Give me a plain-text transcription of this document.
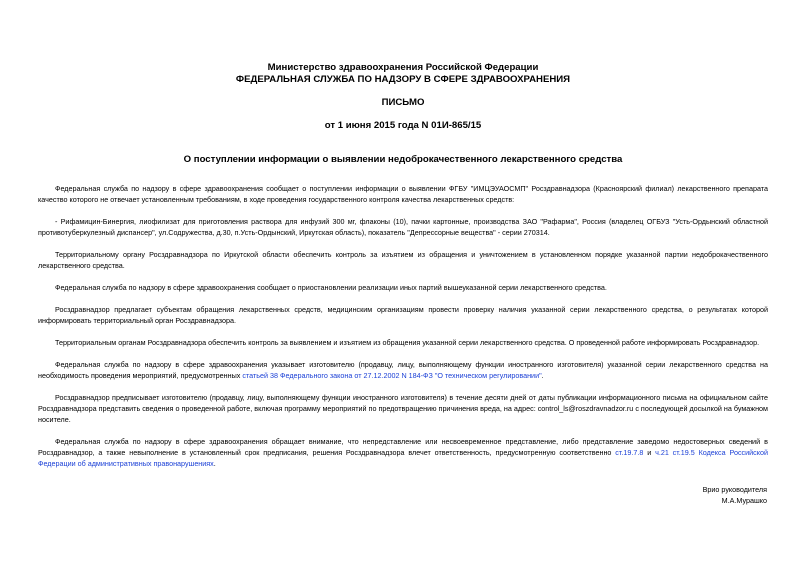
Министерство здравоохранения Российской Федерации
ФЕДЕРАЛЬНАЯ СЛУЖБА ПО НАДЗОРУ В СФЕРЕ ЗДРАВООХРАНЕНИЯ
ПИСЬМО
от 1 июня 2015 года N 01И-865/15
О поступлении информации о выявлении недоброкачественного лекарственного средства

Федеральная служба по надзору в сфере здравоохранения сообщает о поступлении информации о выявлении ФГБУ "ИМЦЭУАОСМП" Росздравнадзора (Красноярский филиал) лекарственного препарата качество которого не отвечает установленным требованиям, в ходе проведения государственного контроля качества лекарственных средств:

- Рифамицин-Бинергия, лиофилизат для приготовления раствора для инфузий 300 мг, флаконы (10), пачки картонные, производства ЗАО "Рафарма", Россия (владелец ОГБУЗ "Усть-Ордынский областной противотуберкулезный диспансер", ул.Содружества, д.30, п.Усть-Ордынский, Иркутская область), показатель "Депрессорные вещества" - серии 270314.

Территориальному органу Росздравнадзора по Иркутской области обеспечить контроль за изъятием из обращения и уничтожением в установленном порядке указанной партии недоброкачественного лекарственного средства.

Федеральная служба по надзору в сфере здравоохранения сообщает о приостановлении реализации иных партий вышеуказанной серии лекарственного средства.

Росздравнадзор предлагает субъектам обращения лекарственных средств, медицинским организациям провести проверку наличия указанной серии лекарственного средства, о результатах которой информировать территориальный орган Росздравнадзора.

Территориальным органам Росздравнадзора обеспечить контроль за выявлением и изъятием из обращения указанной серии лекарственного средства. О проведенной работе информировать Росздравнадзор.

Федеральная служба по надзору в сфере здравоохранения указывает изготовителю (продавцу, лицу, выполняющему функции иностранного изготовителя) указанной серии лекарственного средства на необходимость проведения мероприятий, предусмотренных статьей 38 Федерального закона от 27.12.2002 N 184-ФЗ "О техническом регулировании".

Росздравнадзор предписывает изготовителю (продавцу, лицу, выполняющему функции иностранного изготовителя) в течение десяти дней от даты публикации информационного письма на официальном сайте Росздравнадзора представить сведения о проведенной работе, включая программу мероприятий по предотвращению причинения вреда, на адрес: control_ls@roszdravnadzor.ru с последующей досылкой на бумажном носителе.

Федеральная служба по надзору в сфере здравоохранения обращает внимание, что непредставление или несвоевременное представление, либо представление заведомо недостоверных сведений в Росздравнадзор, а также невыполнение в установленный срок предписания, решения Росздравнадзора влечет ответственность, предусмотренную соответственно ст.19.7.8 и ч.21 ст.19.5 Кодекса Российской Федерации об административных правонарушениях.

Врио руководителя
М.А.Мурашко
